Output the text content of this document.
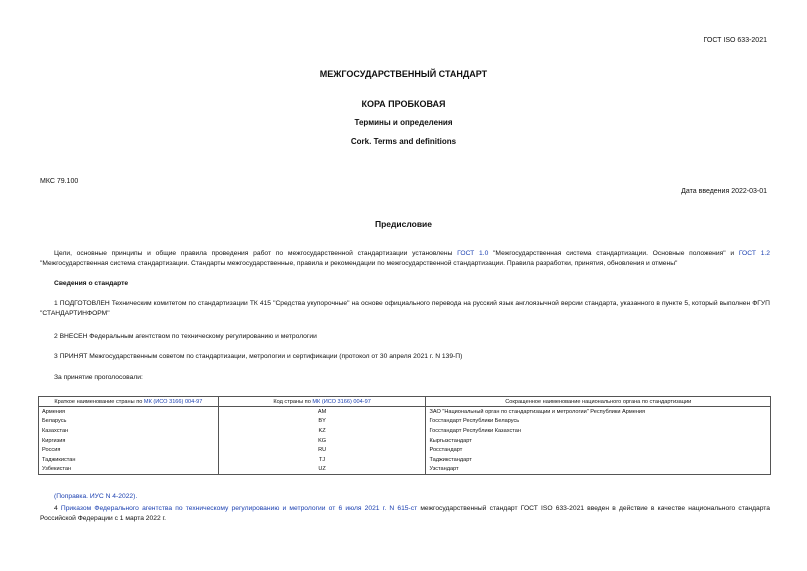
ГОСТ ISO 633-2021
МЕЖГОСУДАРСТВЕННЫЙ СТАНДАРТ
КОРА ПРОБКОВАЯ
Термины и определения
Cork. Terms and definitions
МКС 79.100
Дата введения 2022-03-01
Предисловие
Цели, основные принципы и общие правила проведения работ по межгосударственной стандартизации установлены ГОСТ 1.0 "Межгосударственная система стандартизации. Основные положения" и ГОСТ 1.2 "Межгосударственная система стандартизации. Стандарты межгосударственные, правила и рекомендации по межгосударственной стандартизации. Правила разработки, принятия, обновления и отмены"
Сведения о стандарте
1 ПОДГОТОВЛЕН Техническим комитетом по стандартизации ТК 415 "Средства укупорочные" на основе официального перевода на русский язык англоязычной версии стандарта, указанного в пункте 5, который выполнен ФГУП "СТАНДАРТИНФОРМ"
2 ВНЕСЕН Федеральным агентством по техническому регулированию и метрологии
3 ПРИНЯТ Межгосударственным советом по стандартизации, метрологии и сертификации (протокол от 30 апреля 2021 г. N 139-П)
За принятие проголосовали:
Краткое наименование страны по МК (ИСО 3166) 004-97	Код страны по МК (ИСО 3166) 004-97	Сокращенное наименование национального органа по стандартизации
Армения	AM	ЗАО "Национальный орган по стандартизации и метрологии" Республики Армения
Беларусь	BY	Госстандарт Республики Беларусь
Казахстан	KZ	Госстандарт Республики Казахстан
Киргизия	KG	Кыргызстандарт
Россия	RU	Росстандарт
Таджикистан	TJ	Таджикстандарт
Узбекистан	UZ	Узстандарт
(Поправка. ИУС N 4-2022).
4 Приказом Федерального агентства по техническому регулированию и метрологии от 6 июля 2021 г. N 615-ст межгосударственный стандарт ГОСТ ISO 633-2021 введен в действие в качестве национального стандарта Российской Федерации с 1 марта 2022 г.
